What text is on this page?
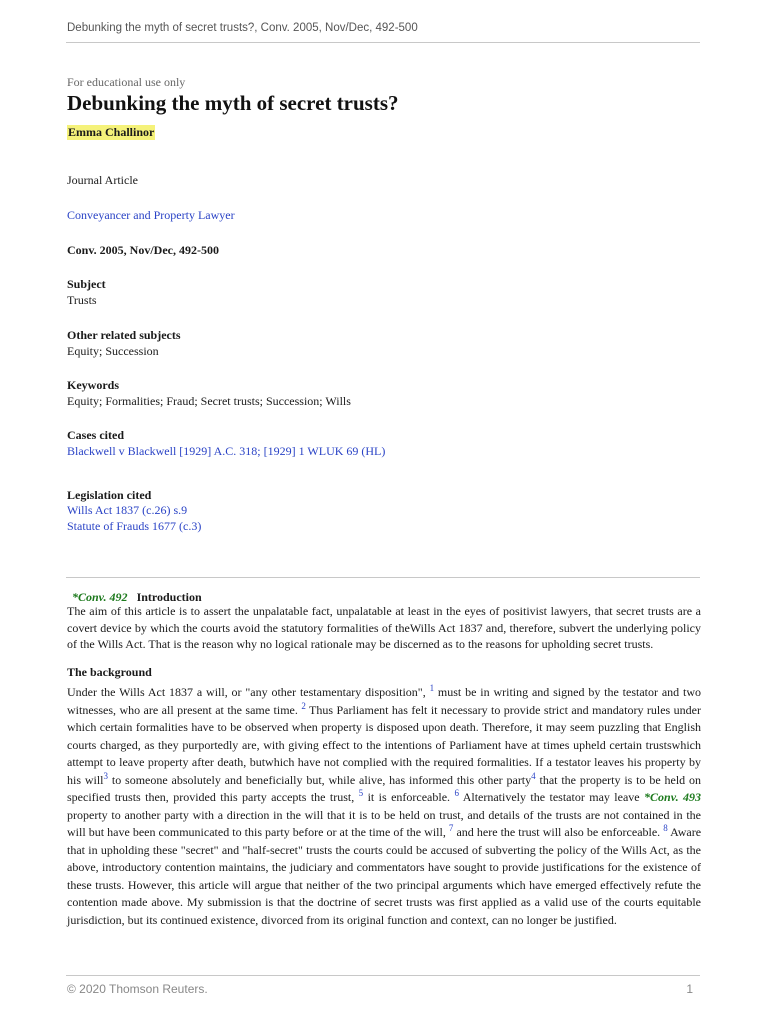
Debunking the myth of secret trusts?, Conv. 2005, Nov/Dec, 492-500
For educational use only
Debunking the myth of secret trusts?
Emma Challinor
Journal Article
Conveyancer and Property Lawyer
Conv. 2005, Nov/Dec, 492-500
Subject
Trusts
Other related subjects
Equity; Succession
Keywords
Equity; Formalities; Fraud; Secret trusts; Succession; Wills
Cases cited
Blackwell v Blackwell [1929] A.C. 318; [1929] 1 WLUK 69 (HL)
Legislation cited
Wills Act 1837 (c.26) s.9
Statute of Frauds 1677 (c.3)
*Conv. 492 Introduction
The aim of this article is to assert the unpalatable fact, unpalatable at least in the eyes of positivist lawyers, that secret trusts are a covert device by which the courts avoid the statutory formalities of theWills Act 1837 and, therefore, subvert the underlying policy of the Wills Act. That is the reason why no logical rationale may be discerned as to the reasons for upholding secret trusts.
The background
Under the Wills Act 1837 a will, or "any other testamentary disposition", $^1$ must be in writing and signed by the testator and two witnesses, who are all present at the same time. $^2$ Thus Parliament has felt it necessary to provide strict and mandatory rules under which certain formalities have to be observed when property is disposed upon death. Therefore, it may seem puzzling that English courts charged, as they purportedly are, with giving effect to the intentions of Parliament have at times upheld certain trustswhich attempt to leave property after death, butwhich have not complied with the required formalities. If a testator leaves his property by his will$^3$ to someone absolutely and beneficially but, while alive, has informed this other party$^4$ that the property is to be held on specified trusts then, provided this party accepts the trust, $^5$ it is enforceable. $^6$ Alternatively the testator may leave *Conv. 493 property to another party with a direction in the will that it is to be held on trust, and details of the trusts are not contained in the will but have been communicated to this party before or at the time of the will, $^7$ and here the trust will also be enforceable. $^8$ Aware that in upholding these "secret" and "half-secret" trusts the courts could be accused of subverting the policy of the Wills Act, as the above, introductory contention maintains, the judiciary and commentators have sought to provide justifications for the existence of these trusts. However, this article will argue that neither of the two principal arguments which have emerged effectively refute the contention made above. My submission is that the doctrine of secret trusts was first applied as a valid use of the courts equitable jurisdiction, but its continued existence, divorced from its original function and context, can no longer be justified.
© 2020 Thomson Reuters.	1
